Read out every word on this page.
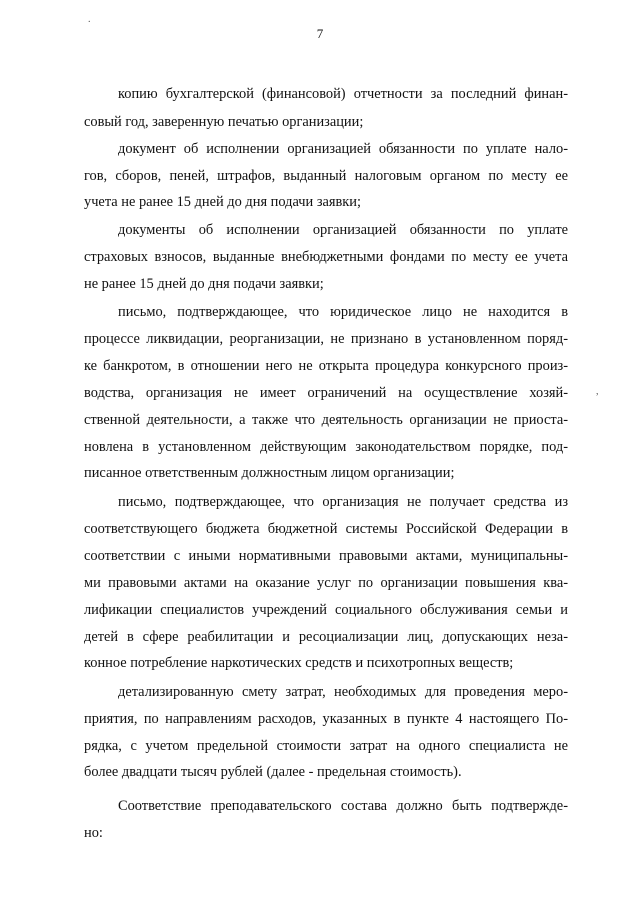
.
7
,
копию бухгалтерской (финансовой) отчетности за последний финан-
совый год, заверенную печатью организации;
документ об исполнении организацией обязанности по уплате нало-
гов, сборов, пеней, штрафов, выданный налоговым органом по месту ее
учета не ранее 15 дней до дня подачи заявки;
документы об исполнении организацией обязанности по уплате
страховых взносов, выданные внебюджетными фондами по месту ее учета
не ранее 15 дней до дня подачи заявки;
письмо, подтверждающее, что юридическое лицо не находится в
процессе ликвидации, реорганизации, не признано в установленном поряд-
ке банкротом, в отношении него не открыта процедура конкурсного произ-
водства, организация не имеет ограничений на осуществление хозяй-
ственной деятельности, а также что деятельность организации не приоста-
новлена в установленном действующим законодательством порядке, под-
писанное ответственным должностным лицом организации;
письмо, подтверждающее, что организация не получает средства из
соответствующего бюджета бюджетной системы Российской Федерации в
соответствии с иными нормативными правовыми актами, муниципальны-
ми правовыми актами на оказание услуг по организации повышения ква-
лификации специалистов учреждений социального обслуживания семьи и
детей в сфере реабилитации и ресоциализации лиц, допускающих неза-
конное потребление наркотических средств и психотропных веществ;
детализированную смету затрат, необходимых для проведения меро-
приятия, по направлениям расходов, указанных в пункте 4 настоящего По-
рядка, с учетом предельной стоимости затрат на одного специалиста не
более двадцати тысяч рублей (далее - предельная стоимость).
Соответствие преподавательского состава должно быть подтвержде-
но:
